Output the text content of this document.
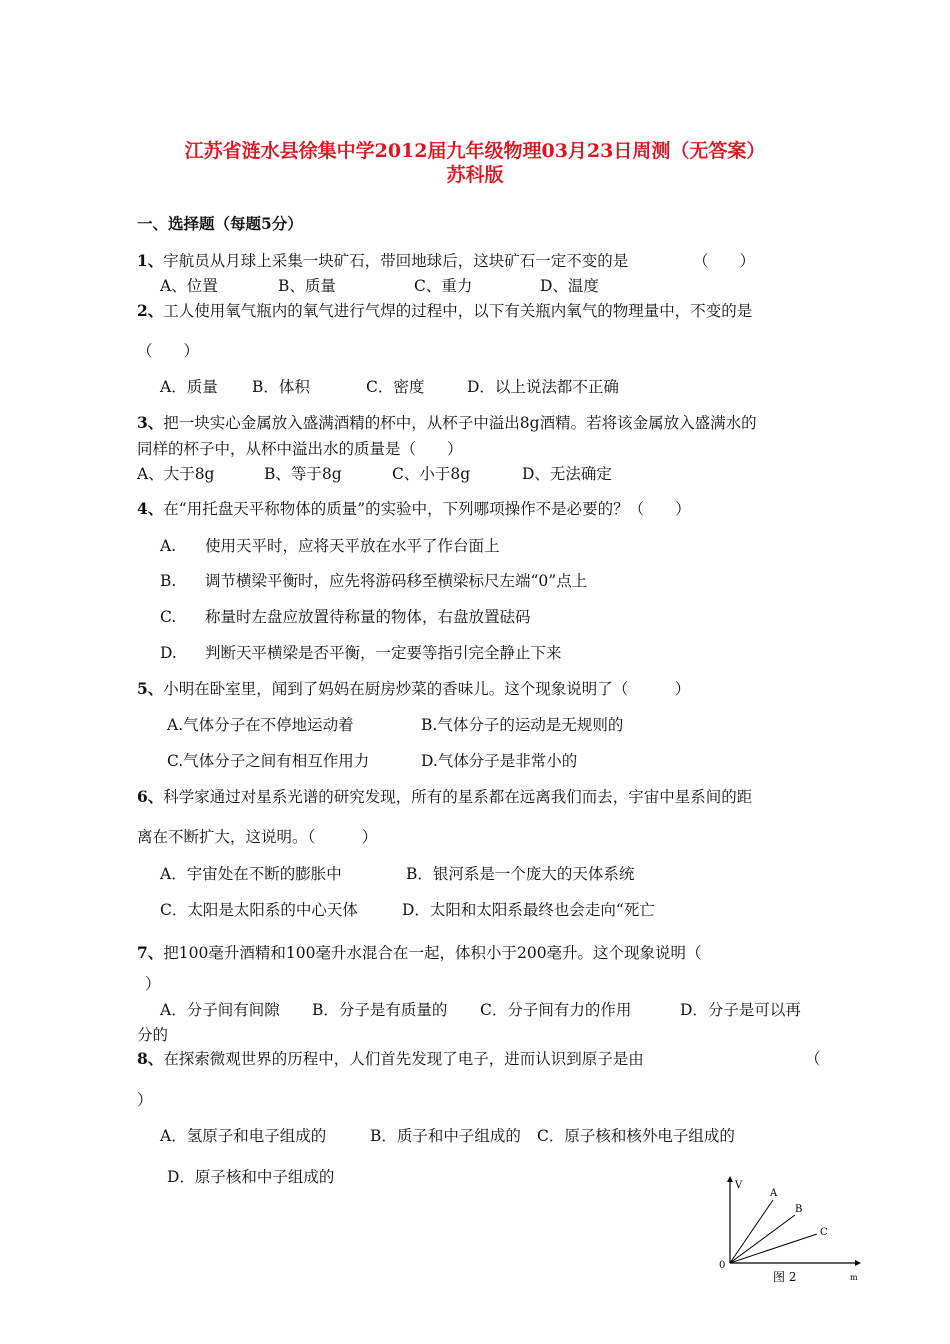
江苏省涟水县徐集中学2012届九年级物理03月23日周测（无答案）
苏科版
一、选择题（每题5分）
1、宇航员从月球上采集一块矿石，带回地球后，这块矿石一定不变的是	（　　）
A、位置	B、质量	C、重力	D、温度
2、工人使用氧气瓶内的氧气进行气焊的过程中，以下有关瓶内氧气的物理量中，不变的是
（　　）
A．质量 B．体积	C．密度	D．以上说法都不正确
3、把一块实心金属放入盛满酒精的杯中，从杯子中溢出8g酒精。若将该金属放入盛满水的
同样的杯子中，从杯中溢出水的质量是（　　）
A、大于8g	B、等于8g	C、小于8g	D、无法确定
4、在“用托盘天平称物体的质量”的实验中，下列哪项操作不是必要的？（　　）
A. 使用天平时，应将天平放在水平了作台面上
B. 调节横梁平衡时，应先将游码移至横梁标尺左端“0”点上
C. 称量时左盘应放置待称量的物体，右盘放置砝码
D. 判断天平横梁是否平衡，一定要等指引完全静止下来
5、小明在卧室里，闻到了妈妈在厨房炒菜的香味儿。这个现象说明了（　　　）
A.气体分子在不停地运动着	B.气体分子的运动是无规则的
C.气体分子之间有相互作用力	D.气体分子是非常小的
6、科学家通过对星系光谱的研究发现，所有的星系都在远离我们而去，宇宙中星系间的距
离在不断扩大，这说明。（　　　）
A．宇宙处在不断的膨胀中	B．银河系是一个庞大的天体系统
C．太阳是太阳系的中心天体	D．太阳和太阳系最终也会走向“死亡
7、把100毫升酒精和100毫升水混合在一起，体积小于200毫升。这个现象说明（
）
A．分子间有间隙 B．分子是有质量的 C．分子间有力的作用	D．分子是可以再
分的
8、在探索微观世界的历程中，人们首先发现了电子，进而认识到原子是由	（
）
A．氢原子和电子组成的	B．质子和中子组成的 C．原子核和核外电子组成的
D．原子核和中子组成的	V
m
0
A
B
C
图 2
